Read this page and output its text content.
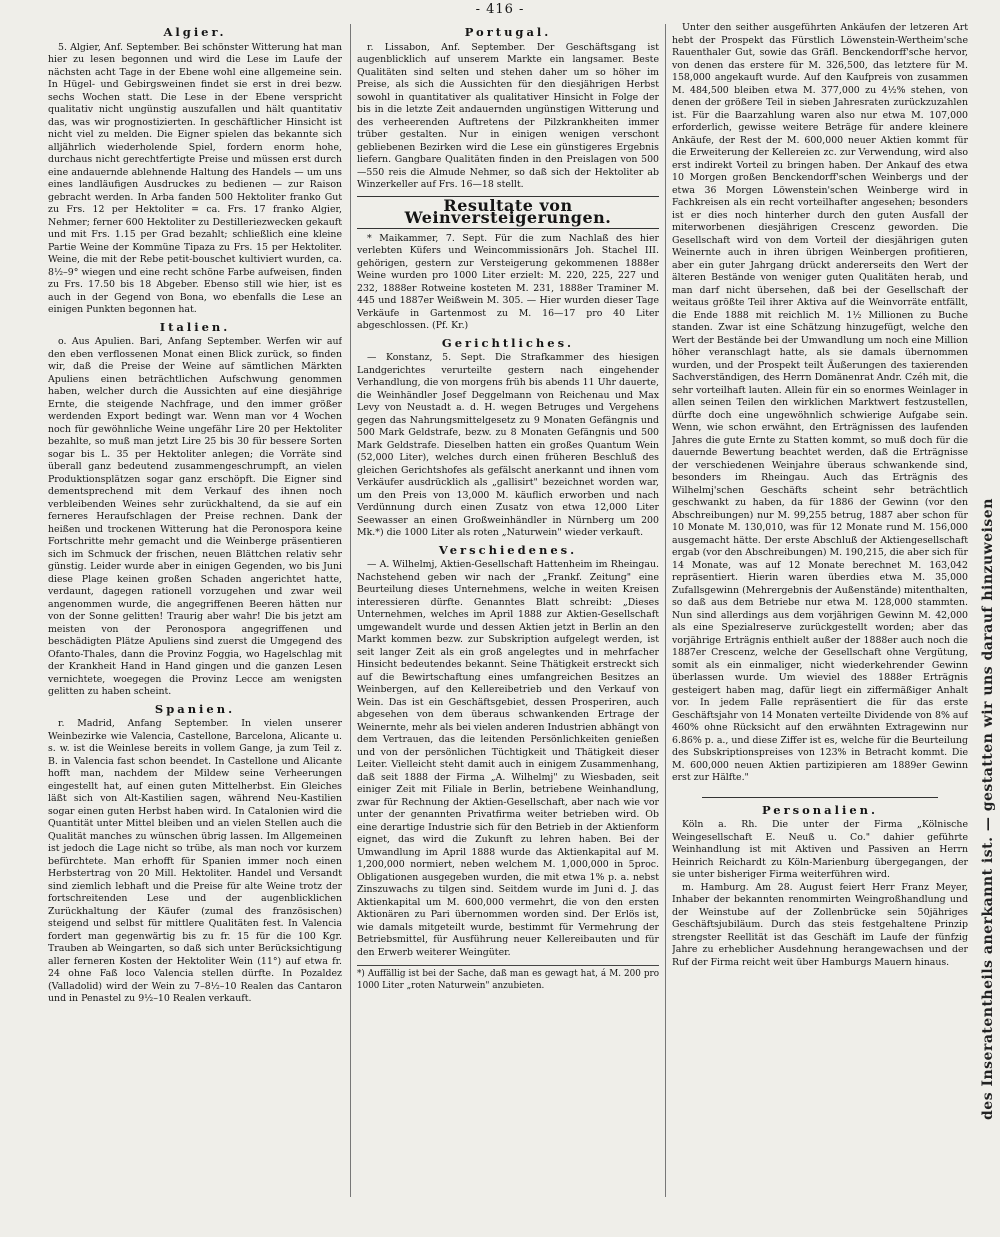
- 416 -
Algier.

5. Algier, Anf. September. Bei schönster Witterung hat man hier zu lesen begonnen und wird die Lese im Laufe der nächsten acht Tage in der Ebene wohl eine allgemeine sein. In Hügel- und Gebirgsweinen findet sie erst in drei bezw. sechs Wochen statt. Die Lese in der Ebene verspricht qualitativ nicht ungünstig auszufallen und hält quantitativ das, was wir prognostizierten. In geschäftlicher Hinsicht ist nicht viel zu melden. Die Eigner spielen das bekannte sich alljährlich wiederholende Spiel, fordern enorm hohe, durchaus nicht gerechtfertigte Preise und müssen erst durch eine andauernde ablehnende Haltung des Handels — um uns eines landläufigen Ausdruckes zu bedienen — zur Raison gebracht werden. In Arba fanden 500 Hektoliter franko Gut zu Frs. 12 per Hektoliter = ca. Frs. 17 franko Algier, Nehmer; ferner 600 Hektoliter zu Destilleriezwecken gekauft und mit Frs. 1.15 per Grad bezahlt; schließlich eine kleine Partie Weine der Kommüne Tipaza zu Frs. 15 per Hektoliter. Weine, die mit der Rebe petit-bouschet kultiviert wurden, ca. 8½–9° wiegen und eine recht schöne Farbe aufweisen, finden zu Frs. 17.50 bis 18 Abgeber. Ebenso still wie hier, ist es auch in der Gegend von Bona, wo ebenfalls die Lese an einigen Punkten begonnen hat.

Italien.

o. Aus Apulien. Bari, Anfang September. Werfen wir auf den eben verflossenen Monat einen Blick zurück, so finden wir, daß die Preise der Weine auf sämtlichen Märkten Apuliens einen beträchtlichen Aufschwung genommen haben, welcher durch die Aussichten auf eine diesjährige Ernte, die steigende Nachfrage, und den immer größer werdenden Export bedingt war. Wenn man vor 4 Wochen noch für gewöhnliche Weine ungefähr Lire 20 per Hektoliter bezahlte, so muß man jetzt Lire 25 bis 30 für bessere Sorten sogar bis L. 35 per Hektoliter anlegen; die Vorräte sind überall ganz bedeutend zusammengeschrumpft, an vielen Produktionsplätzen sogar ganz erschöpft. Die Eigner sind dementsprechend mit dem Verkauf des ihnen noch verbleibenden Weines sehr zurückhaltend, da sie auf ein ferneres Heraufschlagen der Preise rechnen. Dank der heißen und trockenen Witterung hat die Peronospora keine Fortschritte mehr gemacht und die Weinberge präsentieren sich im Schmuck der frischen, neuen Blättchen relativ sehr günstig. Leider wurde aber in einigen Gegenden, wo bis Juni diese Plage keinen großen Schaden angerichtet hatte, verdaunt, dagegen rationell vorzugehen und zwar weil angenommen wurde, die angegriffenen Beeren hätten nur von der Sonne gelitten! Traurig aber wahr! Die bis jetzt am meisten von der Peronospora angegriffenen und beschädigten Plätze Apuliens sind zuerst die Umgegend des Ofanto-Thales, dann die Provinz Foggia, wo Hagelschlag mit der Krankheit Hand in Hand gingen und die ganzen Lesen vernichtete, woegegen die Provinz Lecce am wenigsten gelitten zu haben scheint.

Spanien.

r. Madrid, Anfang September. In vielen unserer Weinbezirke wie Valencia, Castellone, Barcelona, Alicante u. s. w. ist die Weinlese bereits in vollem Gange, ja zum Teil z. B. in Valencia fast schon beendet. In Castellone und Alicante hofft man, nachdem der Mildew seine Verheerungen eingestellt hat, auf einen guten Mittelherbst. Ein Gleiches läßt sich von Alt-Kastilien sagen, während Neu-Kastilien sogar einen guten Herbst haben wird. In Catalonien wird die Quantität unter Mittel bleiben und an vielen Stellen auch die Qualität manches zu wünschen übrig lassen. Im Allgemeinen ist jedoch die Lage nicht so trübe, als man noch vor kurzem befürchtete. Man erhofft für Spanien immer noch einen Herbstertrag von 20 Mill. Hektoliter. Handel und Versandt sind ziemlich lebhaft und die Preise für alte Weine trotz der fortschreitenden Lese und der augenblicklichen Zurückhaltung der Käufer (zumal des französischen) steigend und selbst für mittlere Qualitäten fest. In Valencia fordert man gegenwärtig bis zu fr. 15 für die 100 Kgr. Trauben ab Weingarten, so daß sich unter Berücksichtigung aller ferneren Kosten der Hektoliter Wein (11°) auf etwa fr. 24 ohne Faß loco Valencia stellen dürfte. In Pozaldez (Valladolid) wird der Wein zu 7–8½–10 Realen das Cantaron und in Penastel zu 9½–10 Realen verkauft.

Portugal.

r. Lissabon, Anf. September. Der Geschäftsgang ist augenblicklich auf unserem Markte ein langsamer. Beste Qualitäten sind selten und stehen daher um so höher im Preise, als sich die Aussichten für den diesjährigen Herbst sowohl in quantitativer als qualitativer Hinsicht in Folge der bis in die letzte Zeit andauernden ungünstigen Witterung und des verheerenden Auftretens der Pilzkrankheiten immer trüber gestalten. Nur in einigen wenigen verschont gebliebenen Bezirken wird die Lese ein günstigeres Ergebnis liefern. Gangbare Qualitäten finden in den Preislagen von 500—550 reis die Almude Nehmer, so daß sich der Hektoliter ab Winzerkeller auf Frs. 16—18 stellt.

Resultate von Weinversteigerungen.

* Maikammer, 7. Sept. Für die zum Nachlaß des hier verlebten Küfers und Weincommissionärs Joh. Stachel III. gehörigen, gestern zur Versteigerung gekommenen 1888er Weine wurden pro 1000 Liter erzielt: M. 220, 225, 227 und 232, 1888er Rotweine kosteten M. 231, 1888er Traminer M. 445 und 1887er Weißwein M. 305. — Hier wurden dieser Tage Verkäufe in Gartenmost zu M. 16—17 pro 40 Liter abgeschlossen. (Pf. Kr.)

Gerichtliches.

— Konstanz, 5. Sept. Die Strafkammer des hiesigen Landgerichtes verurteilte gestern nach eingehender Verhandlung, die von morgens früh bis abends 11 Uhr dauerte, die Weinhändler Josef Deggelmann von Reichenau und Max Levy von Neustadt a. d. H. wegen Betruges und Vergehens gegen das Nahrungsmittelgesetz zu 9 Monaten Gefängnis und 500 Mark Geldstrafe, bezw. zu 8 Monaten Gefängnis und 500 Mark Geldstrafe. Dieselben hatten ein großes Quantum Wein (52,000 Liter), welches durch einen früheren Beschluß des gleichen Gerichtshofes als gefälscht anerkannt und ihnen vom Verkäufer ausdrücklich als „gallisirt" bezeichnet worden war, um den Preis von 13,000 M. käuflich erworben und nach Verdünnung durch einen Zusatz von etwa 12,000 Liter Seewasser an einen Großweinhändler in Nürnberg um 200 Mk.*) die 1000 Liter als roten „Naturwein" wieder verkauft.

Verschiedenes.

— A. Wilhelmj, Aktien-Gesellschaft Hattenheim im Rheingau. Nachstehend geben wir nach der „Frankf. Zeitung" eine Beurteilung dieses Unternehmens, welche in weiten Kreisen interessieren dürfte. Genanntes Blatt schreibt: „Dieses Unternehmen, welches im April 1888 zur Aktien-Gesellschaft umgewandelt wurde und dessen Aktien jetzt in Berlin an den Markt kommen bezw. zur Subskription aufgelegt werden, ist seit langer Zeit als ein groß angelegtes und in mehrfacher Hinsicht bedeutendes bekannt. Seine Thätigkeit erstreckt sich auf die Bewirtschaftung eines umfangreichen Besitzes an Weinbergen, auf den Kellereibetrieb und den Verkauf von Wein. Das ist ein Geschäftsgebiet, dessen Prosperiren, auch abgesehen von dem überaus schwankenden Ertrage der Weinernte, mehr als bei vielen anderen Industrien abhängt von dem Vertrauen, das die leitenden Persönlichkeiten genießen und von der persönlichen Tüchtigkeit und Thätigkeit dieser Leiter. Vielleicht steht damit auch in einigem Zusammenhang, daß seit 1888 der Firma „A. Wilhelmj" zu Wiesbaden, seit einiger Zeit mit Filiale in Berlin, betriebene Weinhandlung, zwar für Rechnung der Aktien-Gesellschaft, aber nach wie vor unter der genannten Privatfirma weiter betrieben wird. Ob eine derartige Industrie sich für den Betrieb in der Aktienform eignet, das wird die Zukunft zu lehren haben. Bei der Umwandlung im April 1888 wurde das Aktienkapital auf M. 1,200,000 normiert, neben welchem M. 1,000,000 in 5proc. Obligationen ausgegeben wurden, die mit etwa 1% p. a. nebst Zinszuwachs zu tilgen sind. Seitdem wurde im Juni d. J. das Aktienkapital um M. 600,000 vermehrt, die von den ersten Aktionären zu Pari übernommen worden sind. Der Erlös ist, wie damals mitgeteilt wurde, bestimmt für Vermehrung der Betriebsmittel, für Ausführung neuer Kellereibauten und für den Erwerb weiterer Weingüter.

*) Auffällig ist bei der Sache, daß man es gewagt hat, á M. 200 pro 1000 Liter „roten Naturwein" anzubieten.

Unter den seither ausgeführten Ankäufen der letzeren Art hebt der Prospekt das Fürstlich Löwenstein-Wertheim'sche Rauenthaler Gut, sowie das Gräfl. Benckendorff'sche hervor, von denen das erstere für M. 326,500, das letztere für M. 158,000 angekauft wurde. Auf den Kaufpreis von zusammen M. 484,500 bleiben etwa M. 377,000 zu 4½% stehen, von denen der größere Teil in sieben Jahresraten zurückzuzahlen ist. Für die Baarzahlung waren also nur etwa M. 107,000 erforderlich, gewisse weitere Beträge für andere kleinere Ankäufe, der Rest der M. 600,000 neuer Aktien kommt für die Erweiterung der Kellereien zc. zur Verwendung, wird also erst indirekt Vorteil zu bringen haben. Der Ankauf des etwa 10 Morgen großen Benckendorff'schen Weinbergs und der etwa 36 Morgen Löwenstein'schen Weinberge wird in Fachkreisen als ein recht vorteilhafter angesehen; besonders ist er dies noch hinterher durch den guten Ausfall der miterworbenen diesjährigen Crescenz geworden. Die Gesellschaft wird von dem Vorteil der diesjährigen guten Weinernte auch in ihren übrigen Weinbergen profitieren, aber ein guter Jahrgang drückt andererseits den Wert der älteren Bestände von weniger guten Qualitäten herab, und man darf nicht übersehen, daß bei der Gesellschaft der weitaus größte Teil ihrer Aktiva auf die Weinvorräte entfällt, die Ende 1888 mit reichlich M. 1½ Millionen zu Buche standen. Zwar ist eine Schätzung hinzugefügt, welche den Wert der Bestände bei der Umwandlung um noch eine Million höher veranschlagt hatte, als sie damals übernommen wurden, und der Prospekt teilt Äußerungen des taxierenden Sachverständigen, des Herrn Domänenrat Andr. Czéh mit, die sehr vorteilhaft lauten. Allein für ein so enormes Weinlager in allen seinen Teilen den wirklichen Marktwert festzustellen, dürfte doch eine ungewöhnlich schwierige Aufgabe sein. Wenn, wie schon erwähnt, den Erträgnissen des laufenden Jahres die gute Ernte zu Statten kommt, so muß doch für die dauernde Bewertung beachtet werden, daß die Erträgnisse der verschiedenen Weinjahre überaus schwankende sind, besonders im Rheingau. Auch das Erträgnis des Wilhelmj'schen Geschäfts scheint sehr beträchtlich geschwankt zu haben, da für 1886 der Gewinn (vor den Abschreibungen) nur M. 99,255 betrug, 1887 aber schon für 10 Monate M. 130,010, was für 12 Monate rund M. 156,000 ausgemacht hätte. Der erste Abschluß der Aktiengesellschaft ergab (vor den Abschreibungen) M. 190,215, die aber sich für 14 Monate, was auf 12 Monate berechnet M. 163,042 repräsentiert. Hierin waren überdies etwa M. 35,000 Zufallsgewinn (Mehrergebnis der Außenstände) mitenthalten, so daß aus dem Betriebe nur etwa M. 128,000 stammten. Nun sind allerdings aus dem vorjährigen Gewinn M. 42,000 als eine Spezialreserve zurückgestellt worden; aber das vorjährige Erträgnis enthielt außer der 1888er auch noch die 1887er Crescenz, welche der Gesellschaft ohne Vergütung, somit als ein einmaliger, nicht wiederkehrender Gewinn überlassen wurde. Um wieviel des 1888er Erträgnis gesteigert haben mag, dafür liegt ein ziffermäßiger Anhalt vor. In jedem Falle repräsentiert die für das erste Geschäftsjahr von 14 Monaten verteilte Dividende von 8% auf 460% ohne Rücksicht auf den erwähnten Extragewinn nur 6.86% p. a., und diese Ziffer ist es, welche für die Beurteilung des Subskriptionspreises von 123% in Betracht kommt. Die M. 600,000 neuen Aktien partizipieren am 1889er Gewinn erst zur Hälfte."

Personalien.

Köln a. Rh. Die unter der Firma „Kölnische Weingesellschaft E. Neuß u. Co." dahier geführte Weinhandlung ist mit Aktiven und Passiven an Herrn Heinrich Reichardt zu Köln-Marienburg übergegangen, der sie unter bisheriger Firma weiterführen wird.

m. Hamburg. Am 28. August feiert Herr Franz Meyer, Inhaber der bekannten renommirten Weingroßhandlung und der Weinstube auf der Zollenbrücke sein 50jähriges Geschäftsjubiläum. Durch das steis festgehaltene Prinzip strengster Reellität ist das Geschäft im Laufe der fünfzig Jahre zu erheblicher Ausdehnung herangewachsen und der Ruf der Firma reicht weit über Hamburgs Mauern hinaus.	des Inseratentheils anerkannt ist. — gestatten wir uns darauf hinzuweisen
